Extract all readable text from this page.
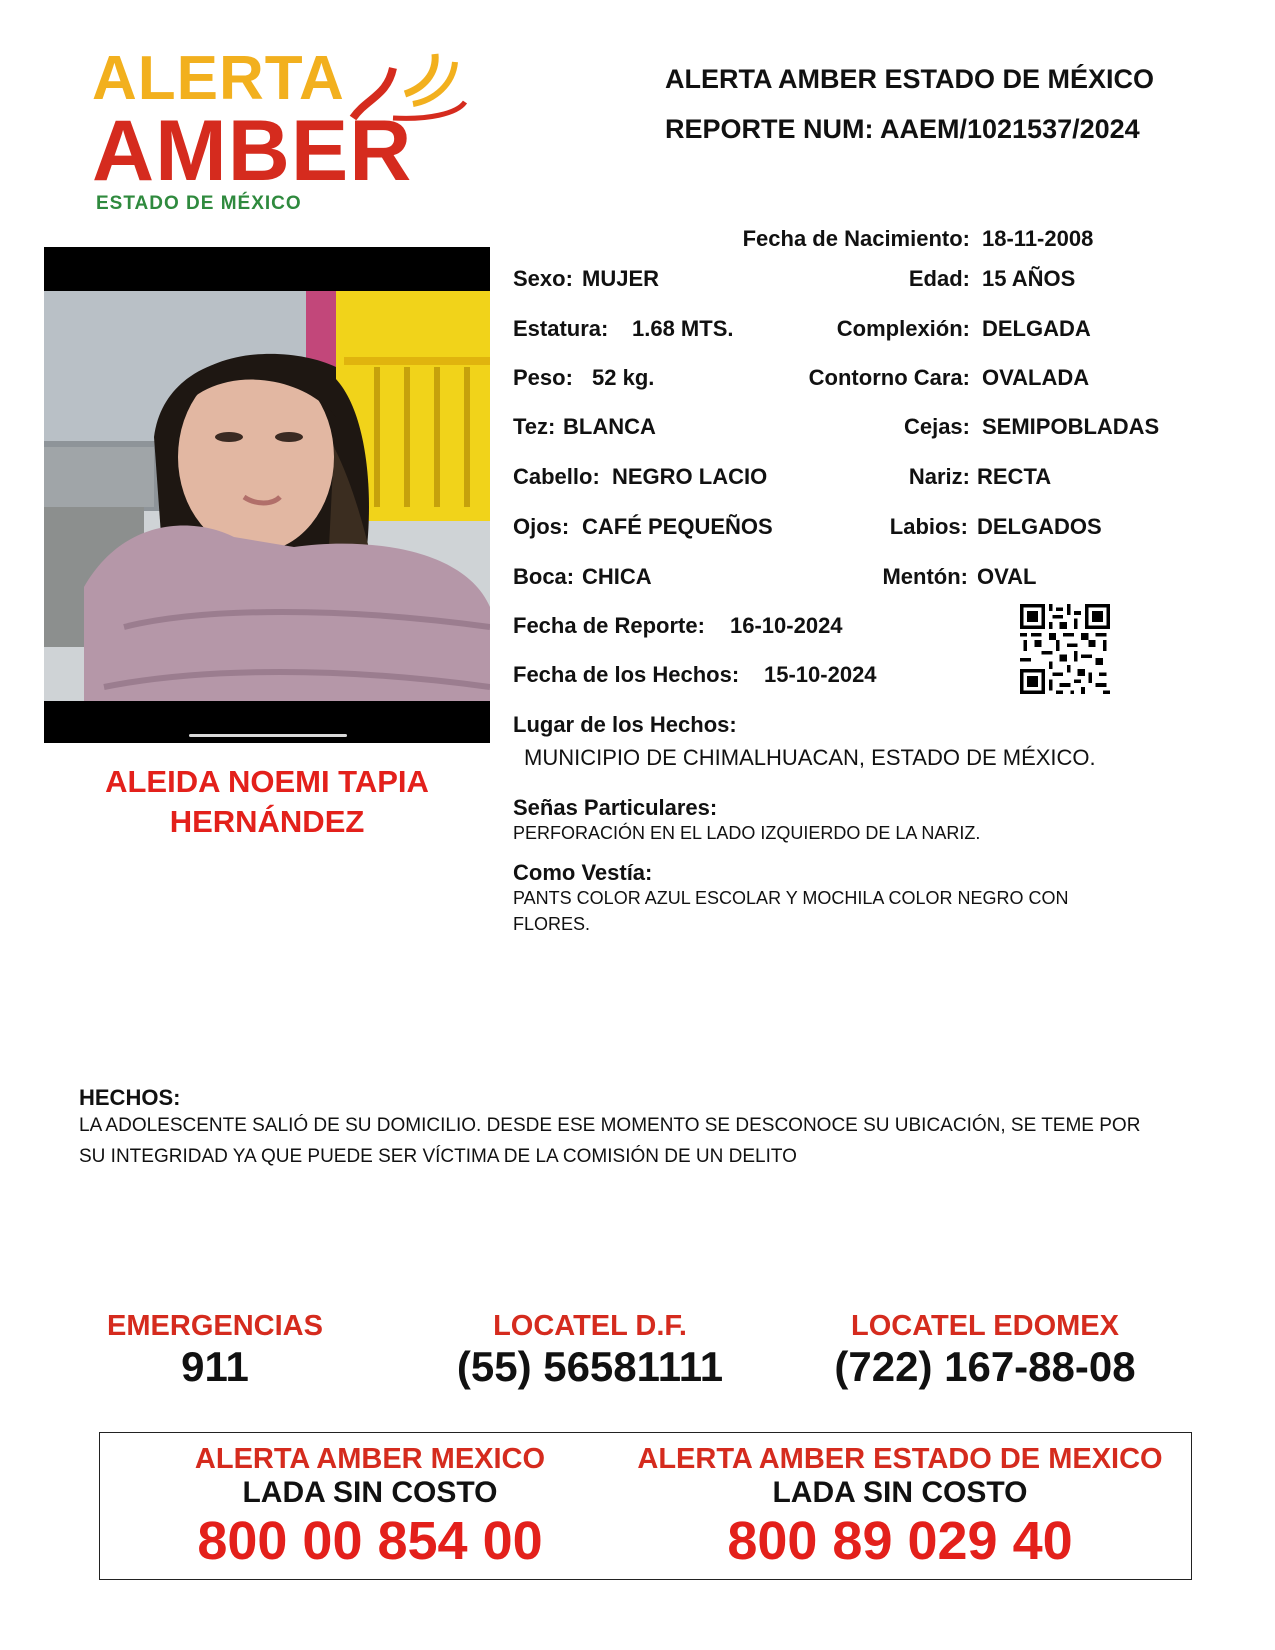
ALERTA
AMBER
ESTADO DE MÉXICO
ALERTA AMBER ESTADO DE MÉXICO
REPORTE NUM: AAEM/1021537/2024
ALEIDA NOEMI TAPIA
HERNÁNDEZ
Fecha de Nacimiento: 18-11-2008
Sexo: MUJER	Edad: 15 AÑOS
Estatura: 1.68 MTS.	Complexión: DELGADA
Peso: 52 kg.	Contorno Cara: OVALADA
Tez: BLANCA	Cejas: SEMIPOBLADAS
Cabello: NEGRO LACIO	Nariz: RECTA
Ojos: CAFÉ PEQUEÑOS	Labios: DELGADOS
Boca: CHICA	Mentón: OVAL
Fecha de Reporte: 16-10-2024
Fecha de los Hechos: 15-10-2024
Lugar de los Hechos:
MUNICIPIO DE CHIMALHUACAN, ESTADO DE MÉXICO.
Señas Particulares:
PERFORACIÓN EN EL LADO IZQUIERDO DE LA NARIZ.
Como Vestía:
PANTS COLOR AZUL ESCOLAR Y MOCHILA COLOR NEGRO CON
FLORES.
HECHOS:
LA ADOLESCENTE SALIÓ DE SU DOMICILIO. DESDE ESE MOMENTO SE DESCONOCE SU UBICACIÓN, SE TEME POR
SU INTEGRIDAD YA QUE PUEDE SER VÍCTIMA DE LA COMISIÓN DE UN DELITO
EMERGENCIAS
911
LOCATEL D.F.
(55) 56581111
LOCATEL EDOMEX
(722) 167-88-08
ALERTA AMBER MEXICO
LADA SIN COSTO
800 00 854 00
ALERTA AMBER ESTADO DE MEXICO
LADA SIN COSTO
800 89 029 40
